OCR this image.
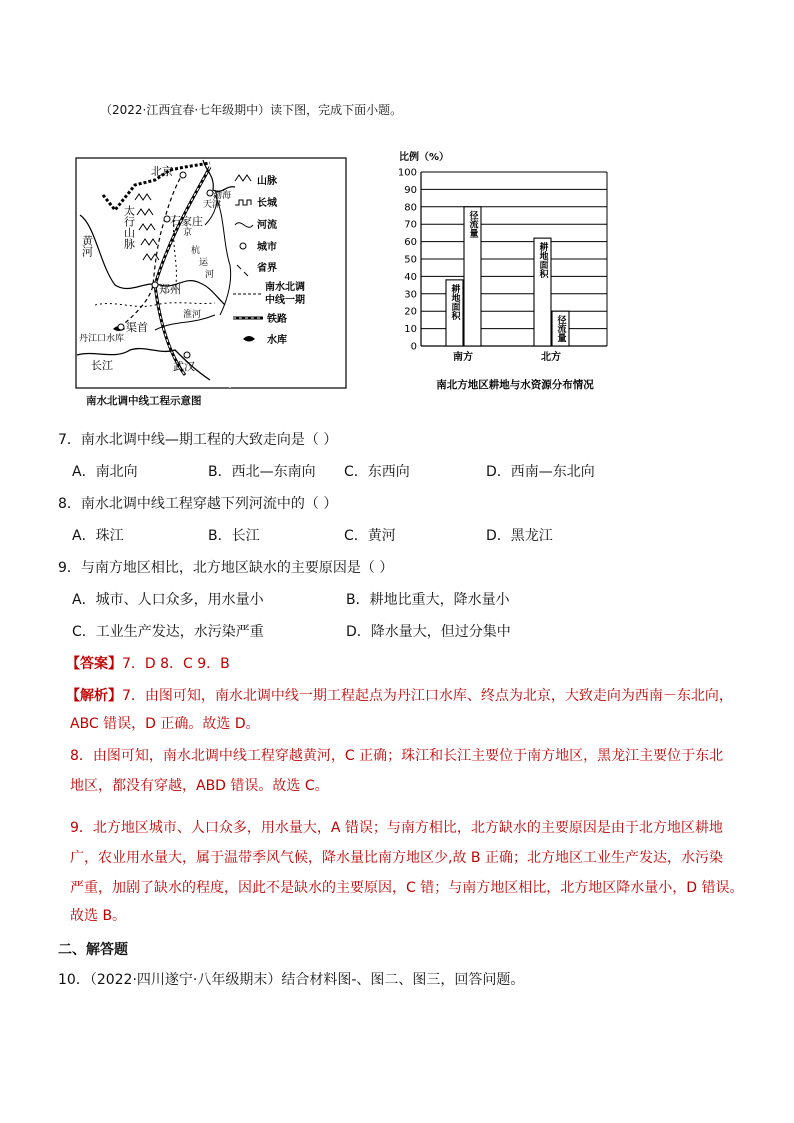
（2022·江西宜春·七年级期中）读下图，完成下面小题。
北京
天津
渤海
石家庄
太行山脉
黄河
京
杭
运
河
郑州
淮河
渠首
丹江口水库
长江	武汉
山脉
长城
河流
城市
省界
南水北调
中线一期
铁路
水库
南水北调中线工程示意图
比例（%）
0
10
20
30
40
50
60
70
80
90
100
耕地面积
径流量
南方
耕地面积
径流量
北方
南北方地区耕地与水资源分布情况
7．南水北调中线—期工程的大致走向是（ ）
A．南北向	B．西北—东南向 C．东西向	D．西南—东北向
8．南水北调中线工程穿越下列河流中的（ ）
A．珠江	B．长江	C．黄河	D．黑龙江
9．与南方地区相比，北方地区缺水的主要原因是（ ）
A．城市、人口众多，用水量小	B．耕地比重大，降水量小
C．工业生产发达，水污染严重	D．降水量大，但过分集中
【答案】7．D 8．C 9．B
【解析】7．由图可知，南水北调中线一期工程起点为丹江口水库、终点为北京，大致走向为西南－东北向，
ABC 错误，D 正确。故选 D。
8．由图可知，南水北调中线工程穿越黄河，C 正确；珠江和长江主要位于南方地区，黑龙江主要位于东北
地区，都没有穿越，ABD 错误。故选 C。
9．北方地区城市、人口众多，用水量大，A 错误；与南方相比，北方缺水的主要原因是由于北方地区耕地
广，农业用水量大，属于温带季风气候，降水量比南方地区少,故 B 正确；北方地区工业生产发达，水污染
严重，加剧了缺水的程度，因此不是缺水的主要原因，C 错；与南方地区相比，北方地区降水量小，D 错误。
故选 B。
二、解答题
10．（2022·四川遂宁·八年级期末）结合材料图-、图二、图三，回答问题。
